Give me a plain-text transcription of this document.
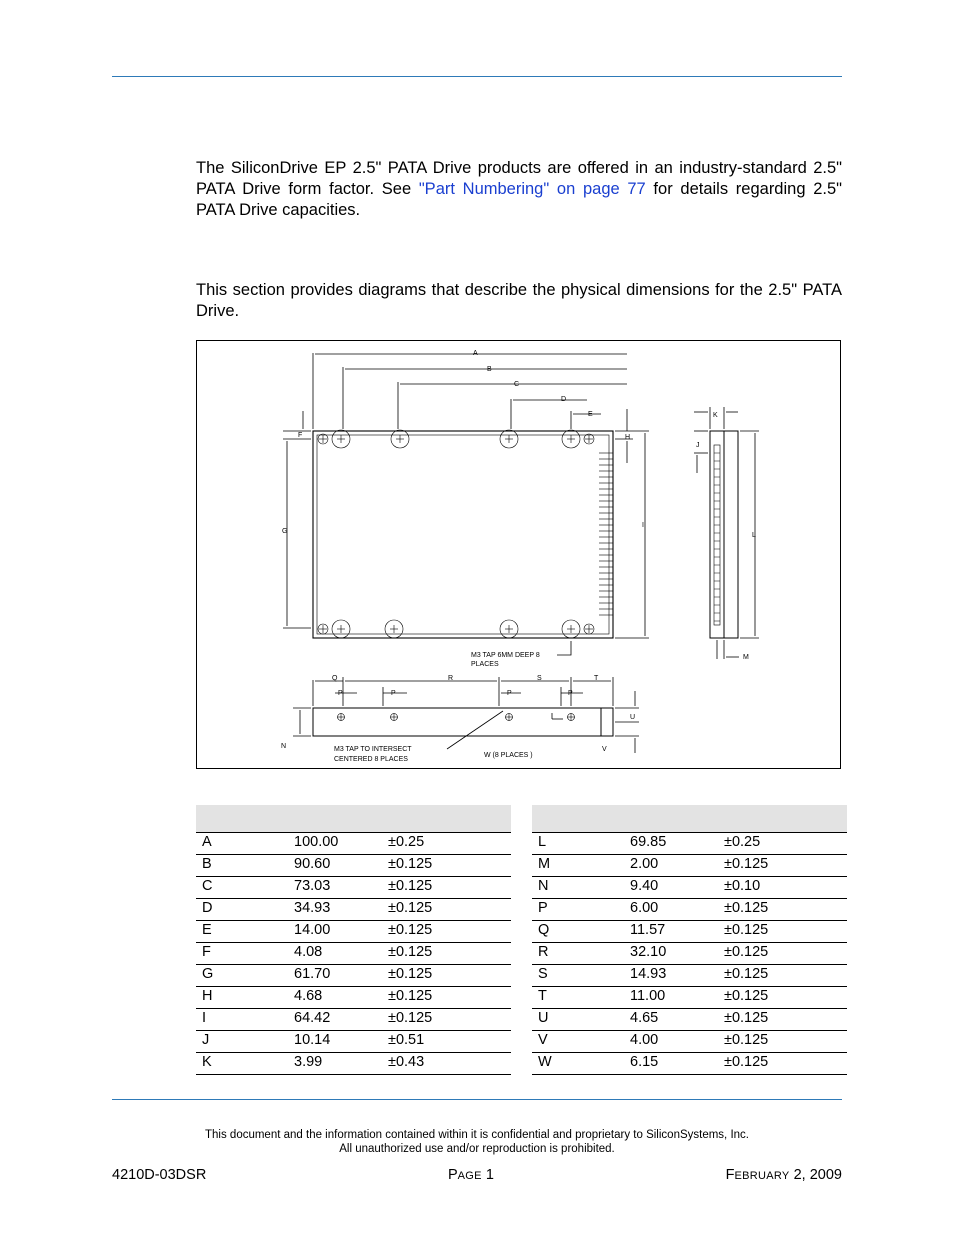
The SiliconDrive EP 2.5" PATA Drive products are offered in an industry-standard 2.5" PATA Drive form factor. See "Part Numbering" on page 77 for details regarding 2.5" PATA Drive capacities.

This section provides diagrams that describe the physical dimensions for the 2.5" PATA Drive.

A
B
C
D
E
F
G
H
I
M3 TAP 6MM DEEP 8
PLACES
K
J
L
M
Q
P	P
R
P
S
P
T
U
V
N	M3 TAP TO INTERSECT
CENTERED 8 PLACES
W (8 PLACES )

A	100.00	±0.25
B	90.60	±0.125
C	73.03	±0.125
D	34.93	±0.125
E	14.00	±0.125
F	4.08	±0.125
G	61.70	±0.125
H	4.68	±0.125
I	64.42	±0.125
J	10.14	±0.51
K	3.99	±0.43

L	69.85	±0.25
M	2.00	±0.125
N	9.40	±0.10
P	6.00	±0.125
Q	11.57	±0.125
R	32.10	±0.125
S	14.93	±0.125
T	11.00	±0.125
U	4.65	±0.125
V	4.00	±0.125
W	6.15	±0.125
This document and the information contained within it is confidential and proprietary to SiliconSystems, Inc.
All unauthorized use and/or reproduction is prohibited.
4210D-03DSR	PAGE 1	FEBRUARY 2, 2009
